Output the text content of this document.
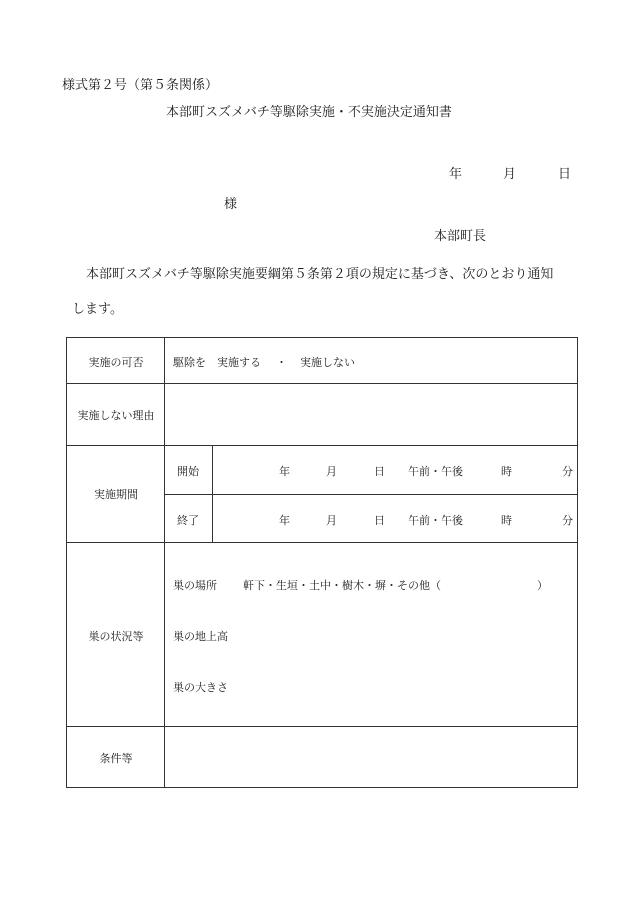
様式第２号（第５条関係）
本部町スズメバチ等駆除実施・不実施決定通知書
年	月	日
様
本部町長
本部町スズメバチ等駆除実施要綱第５条第２項の規定に基づき、次のとおり通知
します。
実施の可否	駆除を 実施する ・ 実施しない
実施しない理由
実施期間
開始	年	月	日 午前・午後	時	分
終了	年	月	日 午前・午後	時	分
巣の状況等
巣の場所 軒下・生垣・土中・樹木・塀・その他（	）
巣の地上高
巣の大きさ
条件等
